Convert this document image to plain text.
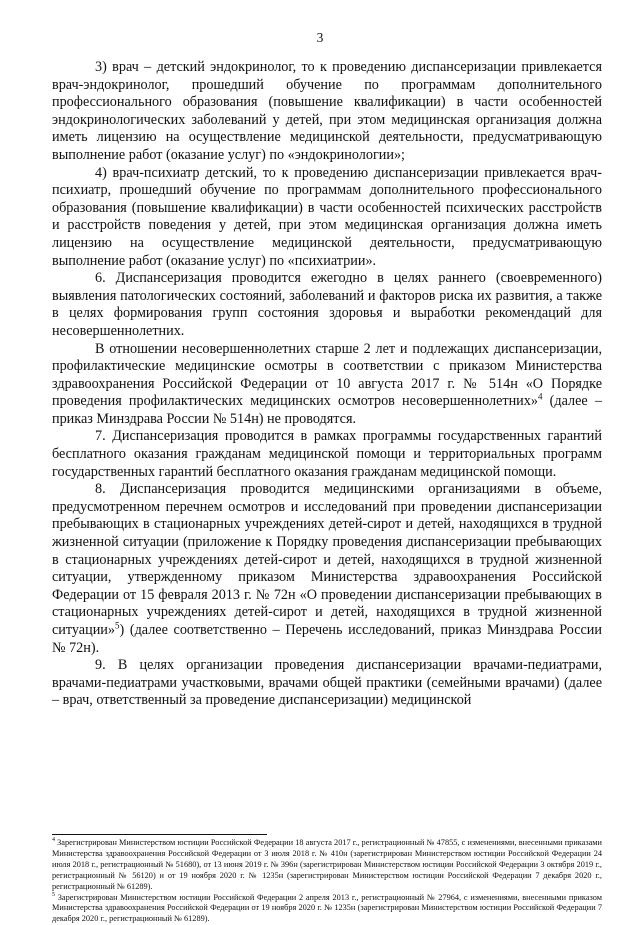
3

3) врач – детский эндокринолог, то к проведению диспансеризации привлекается врач-эндокринолог, прошедший обучение по программам дополнительного профессионального образования (повышение квалификации) в части особенностей эндокринологических заболеваний у детей, при этом медицинская организация должна иметь лицензию на осуществление медицинской деятельности, предусматривающую выполнение работ (оказание услуг) по «эндокринологии»;

4) врач-психиатр детский, то к проведению диспансеризации привлекается врач-психиатр, прошедший обучение по программам дополнительного профессионального образования (повышение квалификации) в части особенностей психических расстройств и расстройств поведения у детей, при этом медицинская организация должна иметь лицензию на осуществление медицинской деятельности, предусматривающую выполнение работ (оказание услуг) по «психиатрии».

6. Диспансеризация проводится ежегодно в целях раннего (своевременного) выявления патологических состояний, заболеваний и факторов риска их развития, а также в целях формирования групп состояния здоровья и выработки рекомендаций для несовершеннолетних.

В отношении несовершеннолетних старше 2 лет и подлежащих диспансеризации, профилактические медицинские осмотры в соответствии с приказом Министерства здравоохранения Российской Федерации от 10 августа 2017 г. № 514н «О Порядке проведения профилактических медицинских осмотров несовершеннолетних»$^4$ (далее – приказ Минздрава России № 514н) не проводятся.

7. Диспансеризация проводится в рамках программы государственных гарантий бесплатного оказания гражданам медицинской помощи и территориальных программ государственных гарантий бесплатного оказания гражданам медицинской помощи.

8. Диспансеризация проводится медицинскими организациями в объеме, предусмотренном перечнем осмотров и исследований при проведении диспансеризации пребывающих в стационарных учреждениях детей-сирот и детей, находящихся в трудной жизненной ситуации (приложение к Порядку проведения диспансеризации пребывающих в стационарных учреждениях детей-сирот и детей, находящихся в трудной жизненной ситуации, утвержденному приказом Министерства здравоохранения Российской Федерации от 15 февраля 2013 г. № 72н «О проведении диспансеризации пребывающих в стационарных учреждениях детей-сирот и детей, находящихся в трудной жизненной ситуации»$^5$) (далее соответственно – Перечень исследований, приказ Минздрава России № 72н).

9. В целях организации проведения диспансеризации врачами-педиатрами, врачами-педиатрами участковыми, врачами общей практики (семейными врачами) (далее – врач, ответственный за проведение диспансеризации) медицинской

$^4$ Зарегистрирован Министерством юстиции Российской Федерации 18 августа 2017 г., регистрационный № 47855, с изменениями, внесенными приказами Министерства здравоохранения Российской Федерации от 3 июля 2018 г. № 410н (зарегистрирован Министерством юстиции Российской Федерации 24 июля 2018 г., регистрационный № 51680), от 13 июня 2019 г. № 396н (зарегистрирован Министерством юстиции Российской Федерации 3 октября 2019 г., регистрационный № 56120) и от 19 ноября 2020 г. № 1235н (зарегистрирован Министерством юстиции Российской Федерации 7 декабря 2020 г., регистрационный № 61289).

$^5$ Зарегистрирован Министерством юстиции Российской Федерации 2 апреля 2013 г., регистрационный № 27964, с изменениями, внесенными приказом Министерства здравоохранения Российской Федерации от 19 ноября 2020 г. № 1235н (зарегистрирован Министерством юстиции Российской Федерации 7 декабря 2020 г., регистрационный № 61289).
